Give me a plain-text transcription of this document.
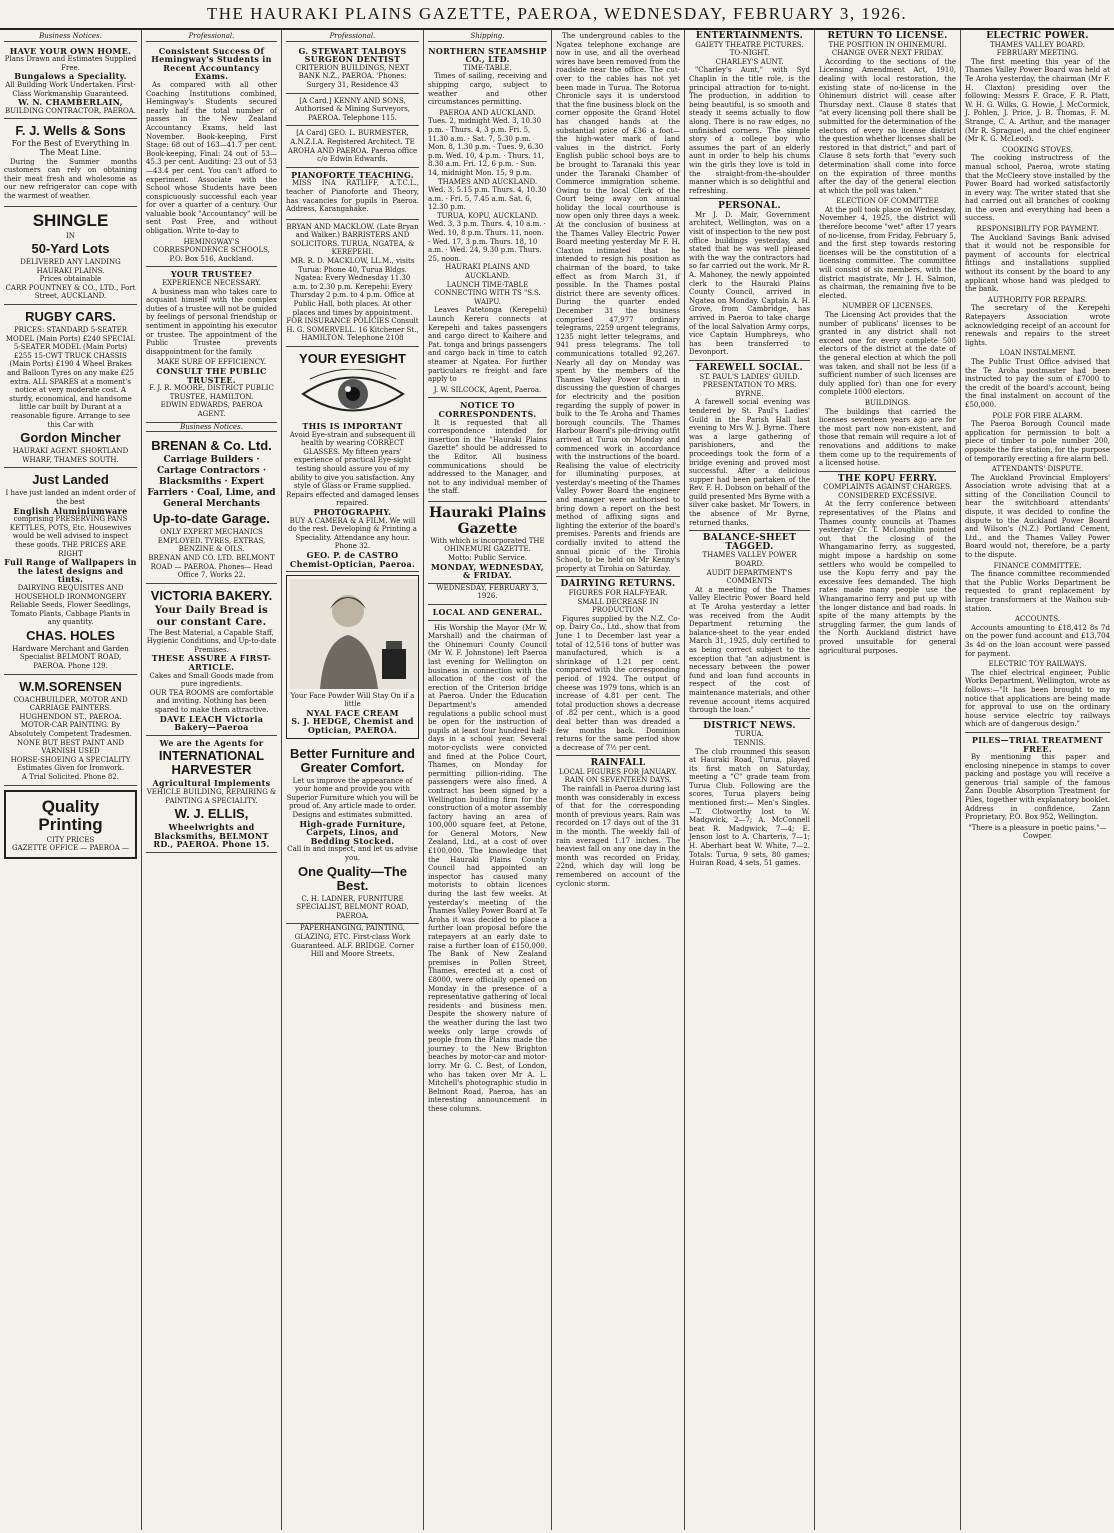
THE HAURAKI PLAINS GAZETTE, PAEROA, WEDNESDAY, FEBRUARY 3, 1926.
Business Notices.
HAVE YOUR OWN HOME.
Plans Drawn and Estimates Supplied Free.
Bungalows a Speciality.
All Building Work Undertaken. First-Class Workmanship Guaranteed.
W. N. CHAMBERLAIN,
BUILDING CONTRACTOR, PAEROA.
F. J. Wells & Sons
For the Best of Everything in The Meat Line.

During the Summer months customers can rely on obtaining their meat fresh and wholesome as our new refrigerator can cope with the warmest of weather.

SHINGLE
IN
50-Yard Lots
DELIVERED ANY LANDING HAURAKI PLAINS.
Prices obtainable
CARR POUNTNEY & CO., LTD., Fort Street, AUCKLAND.
RUGBY CARS.
PRICES: STANDARD 5-SEATER MODEL (Main Ports) £240 SPECIAL 5-SEATER MODEL (Main Ports) £255 15-CWT TRUCK CHASSIS (Main Ports) £190 4 Wheel Brakes and Balloon Tyres on any make £25 extra. ALL SPARES at a moment's notice at very moderate cost. A sturdy, economical, and handsome little car built by Durant at a reasonable figure. Arrange to see this Car with
Gordon Mincher
HAURAKI AGENT. SHORTLAND WHARF, THAMES SOUTH.
Just Landed
I have just landed an indent order of the best
English Aluminiumware
comprising PRESERVING PANS KETTLES, POTS, Etc. Housewives would be well advised to inspect these goods. THE PRICES ARE RIGHT
Full Range of Wallpapers in the latest designs and tints.
DAIRYING REQUISITES AND HOUSEHOLD IRONMONGERY Reliable Seeds, Flower Seedlings, Tomato Plants, Cabbage Plants in any quantity.
CHAS. HOLES
Hardware Merchant and Garden Specialist BELMONT ROAD, PAEROA. Phone 129.
W.M.SORENSEN
COACHBUILDER, MOTOR AND CARRIAGE PAINTERS. HUGHENDON ST., PAEROA.
MOTOR-CAR PAINTING. By Absolutely Competent Tradesmen.
NONE BUT BEST PAINT AND VARNISH USED
HORSE-SHOEING A SPECIALITY
Estimates Given for Ironwork.
A Trial Solicited. Phone 82.
Quality Printing
CITY PRICES
GAZETTE OFFICE — PAEROA —
Professional.
Consistent Success Of Hemingway's Students in Recent Accountancy Exams.

As compared with all other Coaching Institutions combined, Hemingway's Students secured nearly half the total number of passes in the New Zealand Accountancy Exams, held last November. Book-keeping, First Stage: 68 out of 163—41.7 per cent. Book-keeping, Final: 24 out of 53—45.3 per cent. Auditing: 23 out of 53—43.4 per cent. You can't afford to experiment. Associate with the School whose Students have been conspicuously successful each year for over a quarter of a century. Our valuable book "Accountancy" will be sent Post Free, and without obligation. Write to-day to

HEMINGWAY'S CORRESPONDENCE SCHOOLS, P.O. Box 516, Auckland.
YOUR TRUSTEE?
EXPERIENCE NECESSARY.

A business man who takes care to acquaint himself with the complex duties of a trustee will not be guided by feelings of personal friendship or sentiment in appointing his executor or trustee. The appointment of the Public Trustee prevents disappointment for the family.

MAKE SURE OF EFFICIENCY.
CONSULT THE PUBLIC TRUSTEE.
F. J. R. MOORE, DISTRICT PUBLIC TRUSTEE, HAMILTON.
EDWIN EDWARDS, PAEROA AGENT.
Business Notices.
BRENAN & Co. Ltd.
Carriage Builders · Cartage Contractors · Blacksmiths · Expert Farriers · Coal, Lime, and General Merchants
Up-to-date Garage.
ONLY EXPERT MECHANICS EMPLOYED. TYRES, EXTRAS, BENZINE & OILS.
BRENAN AND CO. LTD. BELMONT ROAD — PAEROA. Phones— Head Office 7, Works 22.
VICTORIA BAKERY.
Your Daily Bread is our constant Care.
The Best Material, a Capable Staff, Hygienic Conditions, and Up-to-date Premises.
THESE ASSURE A FIRST-ARTICLE.
Cakes and Small Goods made from pure ingredients.
OUR TEA ROOMS are comfortable and inviting. Nothing has been spared to make them attractive.
DAVE LEACH Victoria Bakery—Paeroa
We are the Agents for
INTERNATIONAL HARVESTER
Agricultural Implements
VEHICLE BUILDING, REPAIRING & PAINTING A SPECIALITY.
W. J. ELLIS,
Wheelwrights and Blacksmiths, BELMONT RD., PAEROA. Phone 15.
Professional.
G. STEWART TALBOYS SURGEON DENTIST
CRITERION BUILDINGS, NEXT BANK N.Z., PAEROA. 'Phones: Surgery 31, Residence 43
[A Card.] KENNY AND SONS, Authorised & Mining Surveyors, PAEROA. Telephone 115.
[A Card] GEO. L. BURMESTER, A.N.Z.I.A. Registered Architect. TE AROHA AND PAEROA. Paeroa office c/o Edwin Edwards.
PIANOFORTE TEACHING.

MISS INA RATLIFF, A.T.C.L., teacher of Pianoforte and Theory, has vacancies for pupils in Paeroa. Address, Karangahake.

BRYAN AND MACKLOW. (Late Bryan and Walker.) BARRISTERS AND SOLICITORS. TURUA, NGATEA, & KEREPEHI.
MR. R. D. MACKLOW, LL.M., visits Turua: Phone 40, Turua Bldgs. Ngatea: Every Wednesday 11.30 a.m. to 2.30 p.m. Kerepehi: Every Thursday 2 p.m. to 4 p.m. Office at Public Hall, both places. At other places and times by appointment.
FOR INSURANCE POLICIES Consult H. G. SOMERVELL. 16 Kitchener St., HAMILTON. Telephone 2108
YOUR EYESIGHT
THIS IS IMPORTANT
Avoid Eye-strain and subsequent ill health by wearing CORRECT GLASSES. My fifteen years' experience of practical Eye-sight testing should assure you of my ability to give you satisfaction. Any style of Glass or Frame supplied. Repairs effected and damaged lenses repaired.
PHOTOGRAPHY.
BUY A CAMERA & A FILM. We will do the rest. Developing & Printing a Speciality. Attendance any hour. Phone 32.
GEO. P. de CASTRO Chemist-Optician, Paeroa.
Your Face Powder Will Stay On if a little
NYAL FACE CREAM
S. J. HEDGE, Chemist and Optician, PAEROA.
Better Furniture and Greater Comfort.
Let us improve the appearance of your home and provide you with Superior Furniture which you will be proud of. Any article made to order. Designs and estimates submitted.
High-grade Furniture, Carpets, Linos, and Bedding Stocked.
Call in and inspect, and let us advise you.
One Quality—The Best.
C. H. LADNER, FURNITURE SPECIALIST, BELMONT ROAD, PAEROA.
PAPERHANGING, PAINTING, GLAZING, ETC. First-class Work Guaranteed. ALF. BRIDGE. Corner Hill and Moore Streets.
Shipping.
NORTHERN STEAMSHIP CO., LTD.
TIME-TABLE.

Times of sailing, receiving and shipping cargo, subject to weather and other circumstances permitting.

PAEROA AND AUCKLAND.
Tues. 2, midnight Wed. 3, 10.30 p.m. · Thurs. 4, 3 p.m. Fri. 5, 11.30 a.m. · Sat. 7, 5.30 p.m. Mon. 8, 1.30 p.m. · Tues. 9, 6.30 p.m. Wed. 10, 4 p.m. · Thurs. 11, 8.30 a.m. Fri. 12, 6 p.m. · Sun. 14, midnight Mon. 15, 9 p.m.
THAMES AND AUCKLAND.
Wed. 3, 5.15 p.m. Thurs. 4, 10.30 a.m. · Fri. 5, 7.45 a.m. Sat. 6, 12.30 p.m.
TURUA, KOPU, AUCKLAND.
Wed. 3, 3 p.m. Thurs. 4, 10 a.m. · Wed. 10, 8 p.m. Thurs. 11, noon. · Wed. 17, 3 p.m. Thurs. 18, 10 a.m. · Wed. 24, 9.30 p.m. Thurs. 25, noon.
HAURAKI PLAINS AND AUCKLAND.
LAUNCH TIME-TABLE CONNECTING WITH TS "S.S. WAIPU.

Leaves Patetonga (Kerepehi) Launch Kereru connects at Kerepehi and takes passengers and cargo direct to Kaihere and Pat. tonga and brings passengers and cargo back in time to catch steamer at Ngatea. For further particulars re freight and fare apply to

J. W. SILCOCK, Agent, Paeroa.
NOTICE TO CORRESPONDENTS.

It is requested that all correspondence intended for insertion in the "Hauraki Plains Gazette" should be addressed to the Editor. All business communications should be addressed to the Manager, and not to any individual member of the staff.

Hauraki Plains Gazette
With which is incorporated THE OHINEMURI GAZETTE.
Motto: Public Service.
MONDAY, WEDNESDAY, & FRIDAY.
WEDNESDAY, FEBRUARY 3, 1926.
LOCAL AND GENERAL.

His Worship the Mayor (Mr W. Marshall) and the chairman of the Ohinemuri County Council (Mr W. F. Johnstone) left Paeroa last evening for Wellington on business in connection with the allocation of the cost of the erection of the Criterion bridge at Paeroa. Under the Education Department's amended regulations a public school must be open for the instruction of pupils at least four hundred half-days in a school year. Several motor-cyclists were convicted and fined at the Police Court, Thames, on Monday for permitting pillion-riding. The passengers were also fined. A contract has been signed by a Wellington building firm for the construction of a motor assembly factory having an area of 100,000 square feet, at Petone, for General Motors, New Zealand, Ltd., at a cost of over £100,000. The knowledge that the Hauraki Plains County Council had appointed an inspector has caused many motorists to obtain licences during the last few weeks. At yesterday's meeting of the Thames Valley Power Board at Te Aroha it was decided to place a further loan proposal before the ratepayers at an early date to raise a further loan of £150,000. The Bank of New Zealand premises in Pollen Street, Thames, erected at a cost of £8000, were officially opened on Monday in the presence of a representative gathering of local residents and business men. Despite the showery nature of the weather during the last two weeks only large crowds of people from the Plains made the journey to the New Brighton beaches by motor-car and motor-lorry. Mr G. C. Best, of London, who has taken over Mr A. L. Mitchell's photographic studio in Belmont Road, Paeroa, has an interesting announcement in these columns.

The underground cables to the Ngatea telephone exchange are now in use, and all the overhead wires have been removed from the roadside near the office. The cut-over to the cables has not yet been made in Turua. The Rotorua Chronicle says it is understood that the fine business block on the corner opposite the Grand Hotel has changed hands at the substantial price of £36 a foot—the high-water mark of land values in the district. Forty English public school boys are to be brought to Taranaki this year under the Taranaki Chamber of Commerce immigration scheme. Owing to the local Clerk of the Court being away on annual holiday the local courthouse is now open only three days a week. At the conclusion of business at the Thames Valley Electric Power Board meeting yesterday Mr F. H. Claxton intimated that he intended to resign his position as chairman of the board, to take effect as from March 31, if possible. In the Thames postal district there are seventy offices. During the quarter ended December 31 the business comprised 47,977 ordinary telegrams, 2259 urgent telegrams, 1235 night letter telegrams, and 941 press telegrams. The toll communications totalled 92,267. Nearly all day on Monday was spent by the members of the Thames Valley Power Board in discussing the question of charges for electricity and the position regarding the supply of power in bulk to the Te Aroha and Thames borough councils. The Thames Harbour Board's pile-driving outfit arrived at Turua on Monday and commenced work in accordance with the instructions of the board. Realising the value of electricity for illuminating purposes, at yesterday's meeting of the Thames Valley Power Board the engineer and manager were authorised to bring down a report on the best method of affixing signs and lighting the exterior of the board's premises. Parents and friends are cordially invited to attend the annual picnic of the Tirohia School, to be held on Mr Kenny's property at Tirohia on Saturday.

DAIRYING RETURNS.
FIGURES FOR HALF-YEAR.
SMALL DECREASE IN PRODUCTION

Figures supplied by the N.Z. Co-op. Dairy Co., Ltd., show that from June 1 to December last year a total of 12,516 tons of butter was manufactured, which is a shrinkage of 1.21 per cent. compared with the corresponding period of 1924. The output of cheese was 1979 tons, which is an increase of 4.81 per cent. The total production shows a decrease of .82 per cent., which is a good deal better than was dreaded a few months back. Dominion returns for the same period show a decrease of 7½ per cent.

RAINFALL
LOCAL FIGURES FOR JANUARY.
RAIN ON SEVENTEEN DAYS.

The rainfall in Paeroa during last month was considerably in excess of that for the corresponding month of previous years. Rain was recorded on 17 days out of the 31 in the month. The weekly fall of rain averaged 1.17 inches. The heaviest fall on any one day in the month was recorded on Friday, 22nd, which day will long be remembered on account of the cyclonic storm.

ENTERTAINMENTS.
GAIETY THEATRE PICTURES.
TO-NIGHT.
CHARLEY'S AUNT.

"Charley's Aunt," with Syd Chaplin in the title role, is the principal attraction for to-night. The production, in addition to being beautiful, is so smooth and steady it seems actually to flow along. There is no raw edges, no unfinished corners. The simple story of a college boy who assumes the part of an elderly aunt in order to help his chums win the girls they love is told in the straight-from-the-shoulder manner which is so delightful and refreshing.

PERSONAL.

Mr J. D. Mair, Government architect, Wellington, was on a visit of inspection to the new post office buildings yesterday, and stated that he was well pleased with the way the contractors had so far carried out the work. Mr R. A. Mahoney, the newly appointed clerk to the Hauraki Plains County Council, arrived in Ngatea on Monday. Captain A. H. Grove, from Cambridge, has arrived in Paeroa to take charge of the local Salvation Army corps, vice Captain Humphreys, who has been transferred to Devonport.

FAREWELL SOCIAL.
ST. PAUL'S LADIES' GUILD.
PRESENTATION TO MRS. BYRNE.

A farewell social evening was tendered by St. Paul's Ladies' Guild in the Parish Hall last evening to Mrs W. J. Byrne. There was a large gathering of parishioners, and the proceedings took the form of a bridge evening and proved most successful. After a delicious supper had been partaken of the Rev. F. H. Dobson on behalf of the guild presented Mrs Byrne with a silver cake basket. Mr Towers, in the absence of Mr Byrne, returned thanks.

BALANCE-SHEET TAGGED.
THAMES VALLEY POWER BOARD.
AUDIT DEPARTMENT'S COMMENTS

At a meeting of the Thames Valley Electric Power Board held at Te Aroha yesterday a letter was received from the Audit Department returning the balance-sheet to the year ended March 31, 1925, duly certified to as being correct subject to the exception that "an adjustment is necessary between the power fund and loan fund accounts in respect of the cost of maintenance materials, and other revenue account items acquired through the loan."

DISTRICT NEWS.
TURUA.
TENNIS.

The club rrounmed this season at Hauraki Road, Turua, played its first match on Saturday, meeting a "C" grade team from Turua Club. Following are the scores, Turua players being mentioned first:— Men's Singles.—T. Clotworthy lost to W. Madgwick, 2—7; A. McConnell beat R. Madgwick, 7—4; E. Jenson lost to A. Charteris, 7—1; H. Aberhart beat W. White, 7—2. Totals: Turua, 9 sets, 80 games; Huiran Road, 4 sets, 51 games.

RETURN TO LICENSE.
THE POSITION IN OHINEMURI.
CHANGE OVER NEXT FRIDAY.

According to the sections of the Licensing Amendment Act, 1910, dealing with local restoration, the existing state of no-license in the Ohinemuri district will cease after Thursday next. Clause 8 states that "at every licensing poll there shall be submitted for the determination of the electors of every no license district the question whether licenses shall be restored in that district," and part of Clause 8 sets forth that "every such determination shall come into force on the expiration of three months after the day of the general election at which the poll was taken."

ELECTION OF COMMITTEE

At the poll took place on Wednesday, November 4, 1925, the district will therefore become "wet" after 17 years of no-license, from Friday, February 5, and the first step towards restoring licenses will be the constitution of a licensing committee. The committee will consist of six members, with the district magistrate, Mr J. H. Salmon, as chairman, the remaining five to be elected.

NUMBER OF LICENSES.

The Licensing Act provides that the number of publicans' licenses to be granted in any district shall not exceed one for every complete 500 electors of the district at the date of the general election at which the poll was taken, and shall not be less (if a sufficient number of such licenses are duly applied for) than one for every complete 1000 electors.

BUILDINGS.

The buildings that carried the licenses seventeen years ago are for the most part now non-existent, and those that remain will require a lot of renovations and additions to make them come up to the requirements of a licensed house.

THE KOPU FERRY.
COMPLAINTS AGAINST CHARGES.
CONSIDERED EXCESSIVE.

At the ferry conference between representatives of the Plains and Thames county councils at Thames yesterday Cr. T. McLoughlin pointed out that the closing of the Whangamarino ferry, as suggested, might impose a hardship on some settlers who would be compelled to use the Kopu ferry and pay the excessive fees demanded. The high rates made many people use the Whangamarino ferry and put up with the longer distance and bad roads. In spite of the many attempts by the struggling farmer, the gum lands of the North Auckland district have proved unsuitable for general agricultural purposes.

ELECTRIC POWER.
THAMES VALLEY BOARD.
FEBRUARY MEETING.

The first meeting this year of the Thames Valley Power Board was held at Te Aroha yesterday, the chairman (Mr F. H. Claxton) presiding over the following: Messrs F. Grace, F. R. Platt, W. H. G. Wilks, G. Howie, J. McCormick, J. Pohlen, J. Price, J. B. Thomas, F. M. Strange, C. A. Arthur, and the manager (Mr R. Sprague), and the chief engineer (Mr K. G. McLeod).

COOKING STOVES.

The cooking instructress of the manual school, Paeroa, wrote stating that the McCleery stove installed by the Power Board had worked satisfactorily in every way. The writer stated that she had carried out all branches of cooking in the oven and everything had been a success.

RESPONSIBILITY FOR PAYMENT.

The Auckland Savings Bank advised that it would not be responsible for payment of accounts for electrical fittings and installations supplied without its consent by the board to any applicant whose hand was pledged to the bank.

AUTHORITY FOR REPAIRS.

The secretary of the Kerepehi Ratepayers Association wrote acknowledging receipt of an account for renewals and repairs to the street lights.

LOAN INSTALMENT.

The Public Trust Office advised that the Te Aroha postmaster had been instructed to pay the sum of £7000 to the credit of the board's account, being the final instalment on account of the £50,000.

POLE FOR FIRE ALARM.

The Paeroa Borough Council made application for permission to bolt a piece of timber to pole number 200, opposite the fire station, for the purpose of temporarily erecting a fire alarm bell.

ATTENDANTS' DISPUTE.

The Auckland Provincial Employers' Association wrote advising that at a sitting of the Conciliation Council to hear the switchboard attendants' dispute, it was decided to confine the dispute to the Auckland Power Board and Wilson's (N.Z.) Portland Cement, Ltd., and the Thames Valley Power Board would not, therefore, be a party to the dispute.

FINANCE COMMITTEE.

The finance committee recommended that the Public Works Department be requested to grant replacement by larger transformers at the Waihou sub-station.

ACCOUNTS.

Accounts amounting to £18,412 8s 7d on the power fund account and £13,704 3s 4d on the loan account were passed for payment.

ELECTRIC TOY RAILWAYS.

The chief electrical engineer, Public Works Department, Wellington, wrote as follows:—"It has been brought to my notice that applications are being made for approval to use on the ordinary house service electric toy railways which are of dangerous design."

PILES—TRIAL TREATMENT FREE.

By mentioning this paper and enclosing ninepence in stamps to cover packing and postage you will receive a generous trial sample of the famous Zann Double Absorption Treatment for Piles, together with explanatory booklet. Address in confidence, Zann Proprietary, P.O. Box 952, Wellington.

"There is a pleasure in poetic pains."—Cowper.
